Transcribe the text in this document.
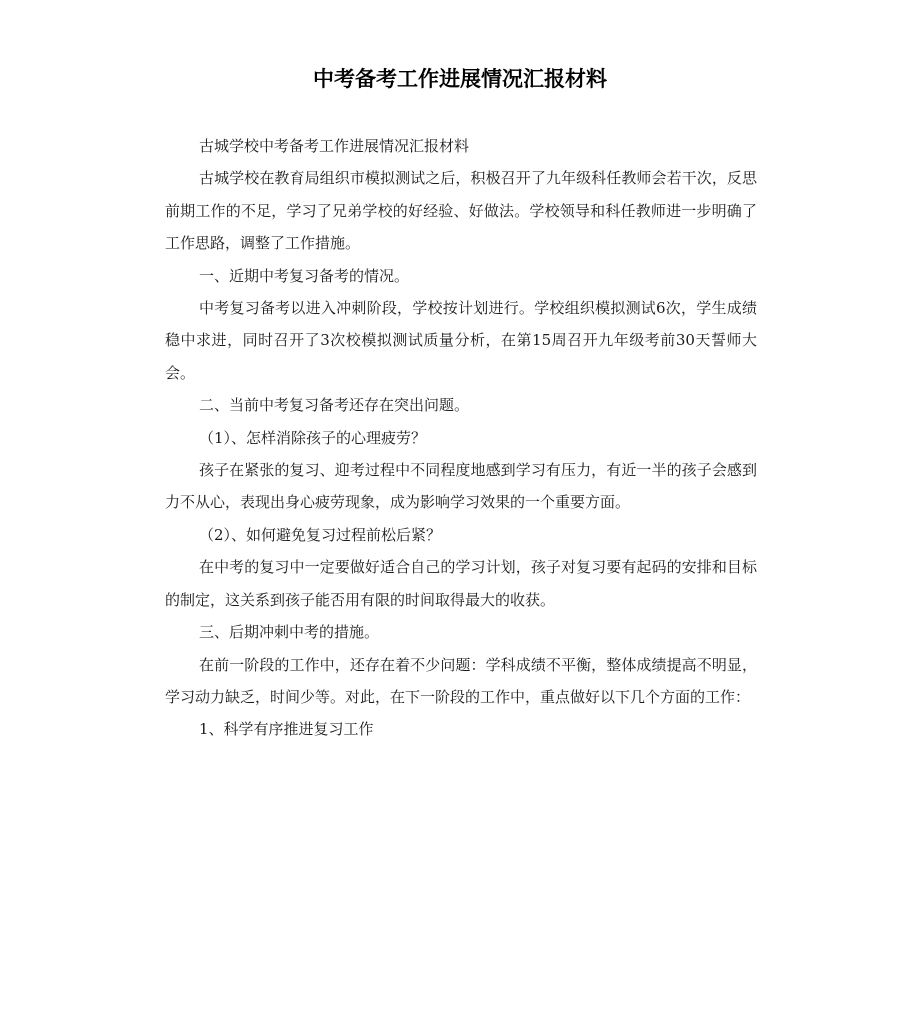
中考备考工作进展情况汇报材料

古城学校中考备考工作进展情况汇报材料

古城学校在教育局组织市模拟测试之后，积极召开了九年级科任教师会若干次，反思前期工作的不足，学习了兄弟学校的好经验、好做法。学校领导和科任教师进一步明确了工作思路，调整了工作措施。

一、近期中考复习备考的情况。

中考复习备考以进入冲刺阶段，学校按计划进行。学校组织模拟测试6次，学生成绩稳中求进，同时召开了3次校模拟测试质量分析，在第15周召开九年级考前30天誓师大会。

二、当前中考复习备考还存在突出问题。

（1）、怎样消除孩子的心理疲劳？

孩子在紧张的复习、迎考过程中不同程度地感到学习有压力，有近一半的孩子会感到力不从心，表现出身心疲劳现象，成为影响学习效果的一个重要方面。

（2）、如何避免复习过程前松后紧？

在中考的复习中一定要做好适合自己的学习计划，孩子对复习要有起码的安排和目标的制定，这关系到孩子能否用有限的时间取得最大的收获。

三、后期冲刺中考的措施。

在前一阶段的工作中，还存在着不少问题：学科成绩不平衡，整体成绩提高不明显，学习动力缺乏，时间少等。对此，在下一阶段的工作中，重点做好以下几个方面的工作：

1、科学有序推进复习工作
